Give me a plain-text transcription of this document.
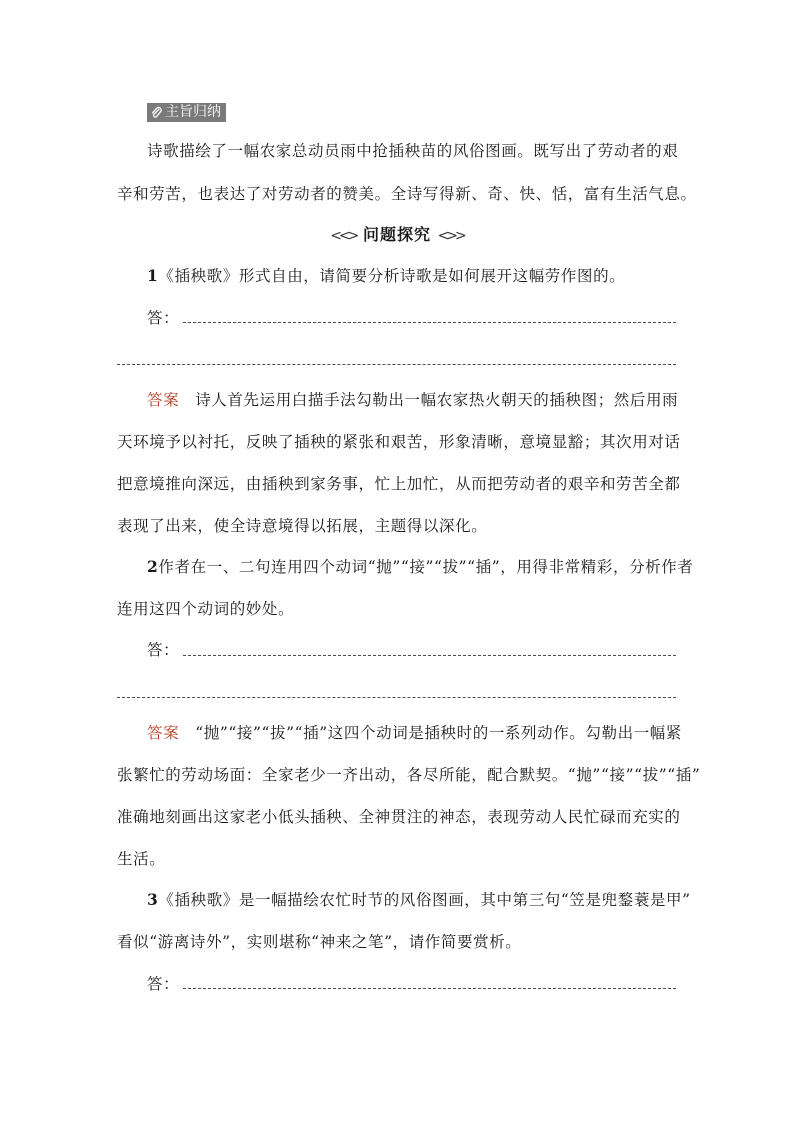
主旨归纳
诗歌描绘了一幅农家总动员雨中抢插秧苗的风俗图画。既写出了劳动者的艰
辛和劳苦，也表达了对劳动者的赞美。全诗写得新、奇、快、恬，富有生活气息。
<<> 问题探究 <>>
1《插秧歌》形式自由，请简要分析诗歌是如何展开这幅劳作图的。
答：
答案 诗人首先运用白描手法勾勒出一幅农家热火朝天的插秧图；然后用雨
天环境予以衬托，反映了插秧的紧张和艰苦，形象清晰，意境显豁；其次用对话
把意境推向深远，由插秧到家务事，忙上加忙，从而把劳动者的艰辛和劳苦全都
表现了出来，使全诗意境得以拓展，主题得以深化。
2作者在一、二句连用四个动词“抛”“接”“拔”“插”，用得非常精彩，分析作者
连用这四个动词的妙处。
答：
答案 “抛”“接”“拔”“插”这四个动词是插秧时的一系列动作。勾勒出一幅紧
张繁忙的劳动场面：全家老少一齐出动，各尽所能，配合默契。“抛”“接”“拔”“插”
准确地刻画出这家老小低头插秧、全神贯注的神态，表现劳动人民忙碌而充实的
生活。
3《插秧歌》是一幅描绘农忙时节的风俗图画，其中第三句“笠是兜鍪蓑是甲”
看似“游离诗外”，实则堪称“神来之笔”，请作简要赏析。
答：
